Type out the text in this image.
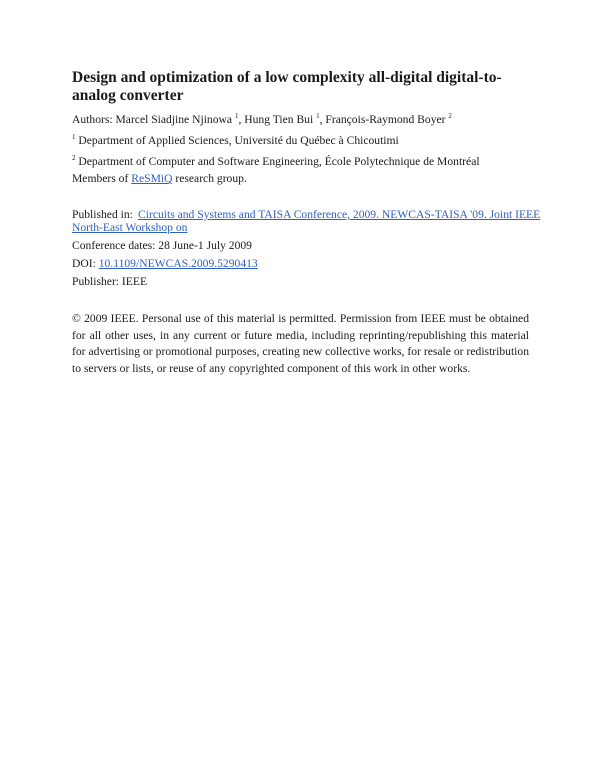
Design and optimization of a low complexity all-digital digital-to-analog converter
Authors: Marcel Siadjine Njinowa $^1$, Hung Tien Bui $^1$, François-Raymond Boyer $^2$
$^1$ Department of Applied Sciences, Université du Québec à Chicoutimi
$^2$ Department of Computer and Software Engineering, École Polytechnique de Montréal
Members of ReSMiQ research group.
Published in: Circuits and Systems and TAISA Conference, 2009. NEWCAS-TAISA '09. Joint IEEE North-East Workshop on
Conference dates: 28 June-1 July 2009
DOI: 10.1109/NEWCAS.2009.5290413
Publisher: IEEE

© 2009 IEEE. Personal use of this material is permitted. Permission from IEEE must be obtained for all other uses, in any current or future media, including reprinting/republishing this material for advertising or promotional purposes, creating new collective works, for resale or redistribution to servers or lists, or reuse of any copyrighted component of this work in other works.
